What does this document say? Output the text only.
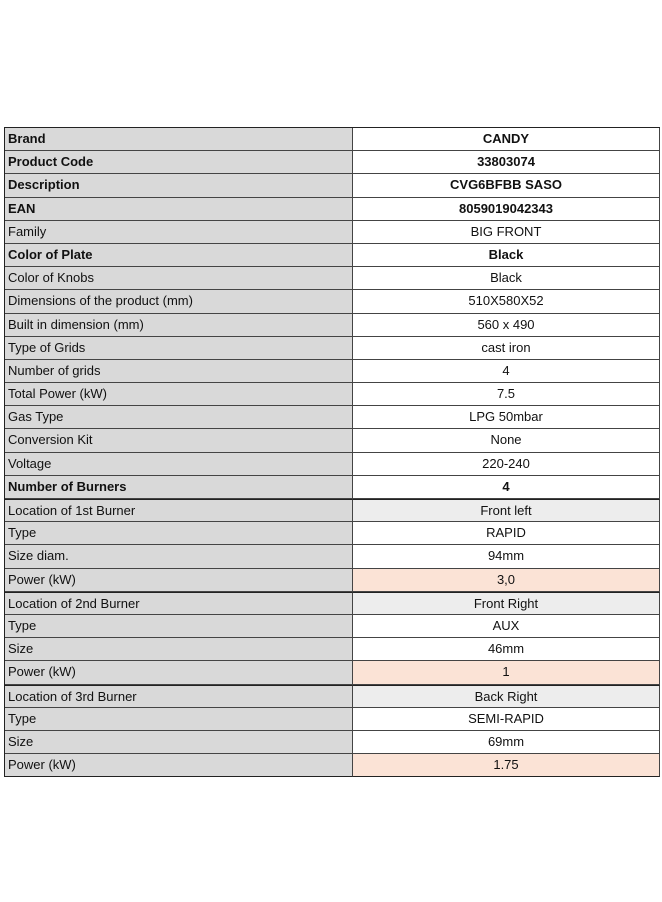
Brand	CANDY
Product Code	33803074
Description	CVG6BFBB SASO
EAN	8059019042343
Family	BIG FRONT
Color of Plate	Black
Color of Knobs	Black
Dimensions of the product (mm)	510X580X52
Built in dimension (mm)	560 x 490
Type of Grids	cast iron
Number of grids	4
Total Power (kW)	7.5
Gas Type	LPG 50mbar
Conversion Kit	None
Voltage	220-240
Number of Burners	4
Location of 1st Burner	Front left
Type	RAPID
Size diam.	94mm
Power (kW)	3,0
Location of 2nd Burner	Front Right
Type	AUX
Size	46mm
Power (kW)	1
Location of 3rd Burner	Back Right
Type	SEMI-RAPID
Size	69mm
Power (kW)	1.75
